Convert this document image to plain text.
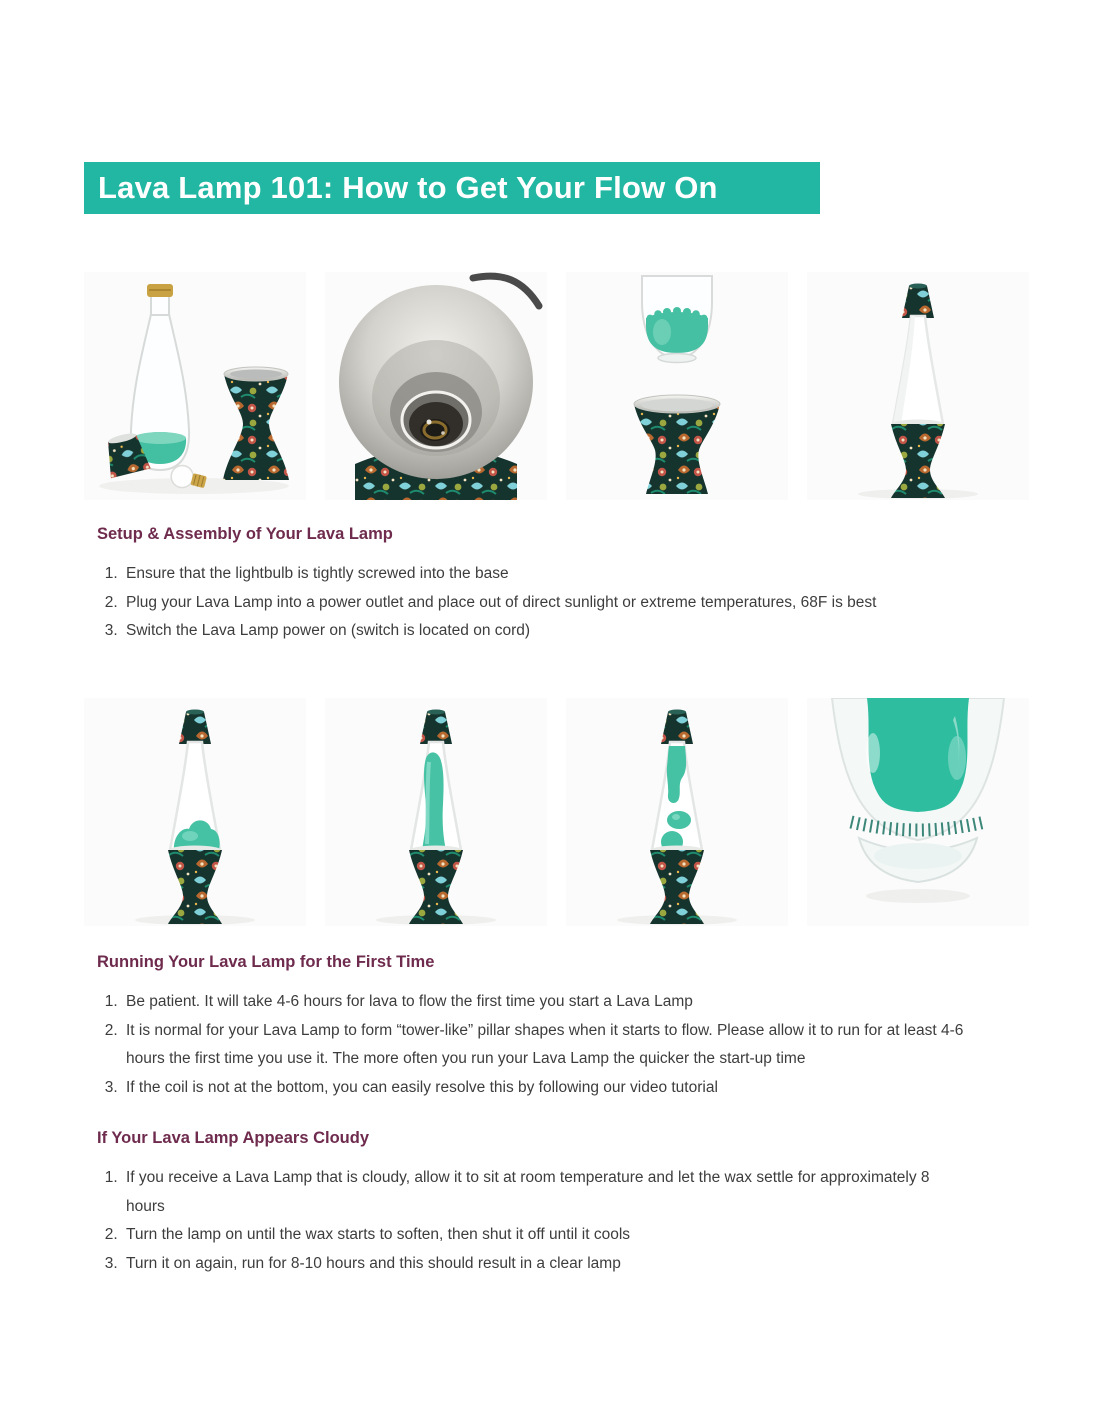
Lava Lamp 101: How to Get Your Flow On
Setup & Assembly of Your Lava Lamp
1. Ensure that the lightbulb is tightly screwed into the base
2. Plug your Lava Lamp into a power outlet and place out of direct sunlight or extreme temperatures, 68F is best
3. Switch the Lava Lamp power on (switch is located on cord)
Running Your Lava Lamp for the First Time
1. Be patient. It will take 4-6 hours for lava to flow the first time you start a Lava Lamp
2. It is normal for your Lava Lamp to form “tower-like” pillar shapes when it starts to flow. Please allow it to run for at least 4-6 hours the first time you use it. The more often you run your Lava Lamp the quicker the start-up time
3. If the coil is not at the bottom, you can easily resolve this by following our video tutorial
If Your Lava Lamp Appears Cloudy
1. If you receive a Lava Lamp that is cloudy, allow it to sit at room temperature and let the wax settle for approximately 8 hours
2. Turn the lamp on until the wax starts to soften, then shut it off until it cools
3. Turn it on again, run for 8-10 hours and this should result in a clear lamp
